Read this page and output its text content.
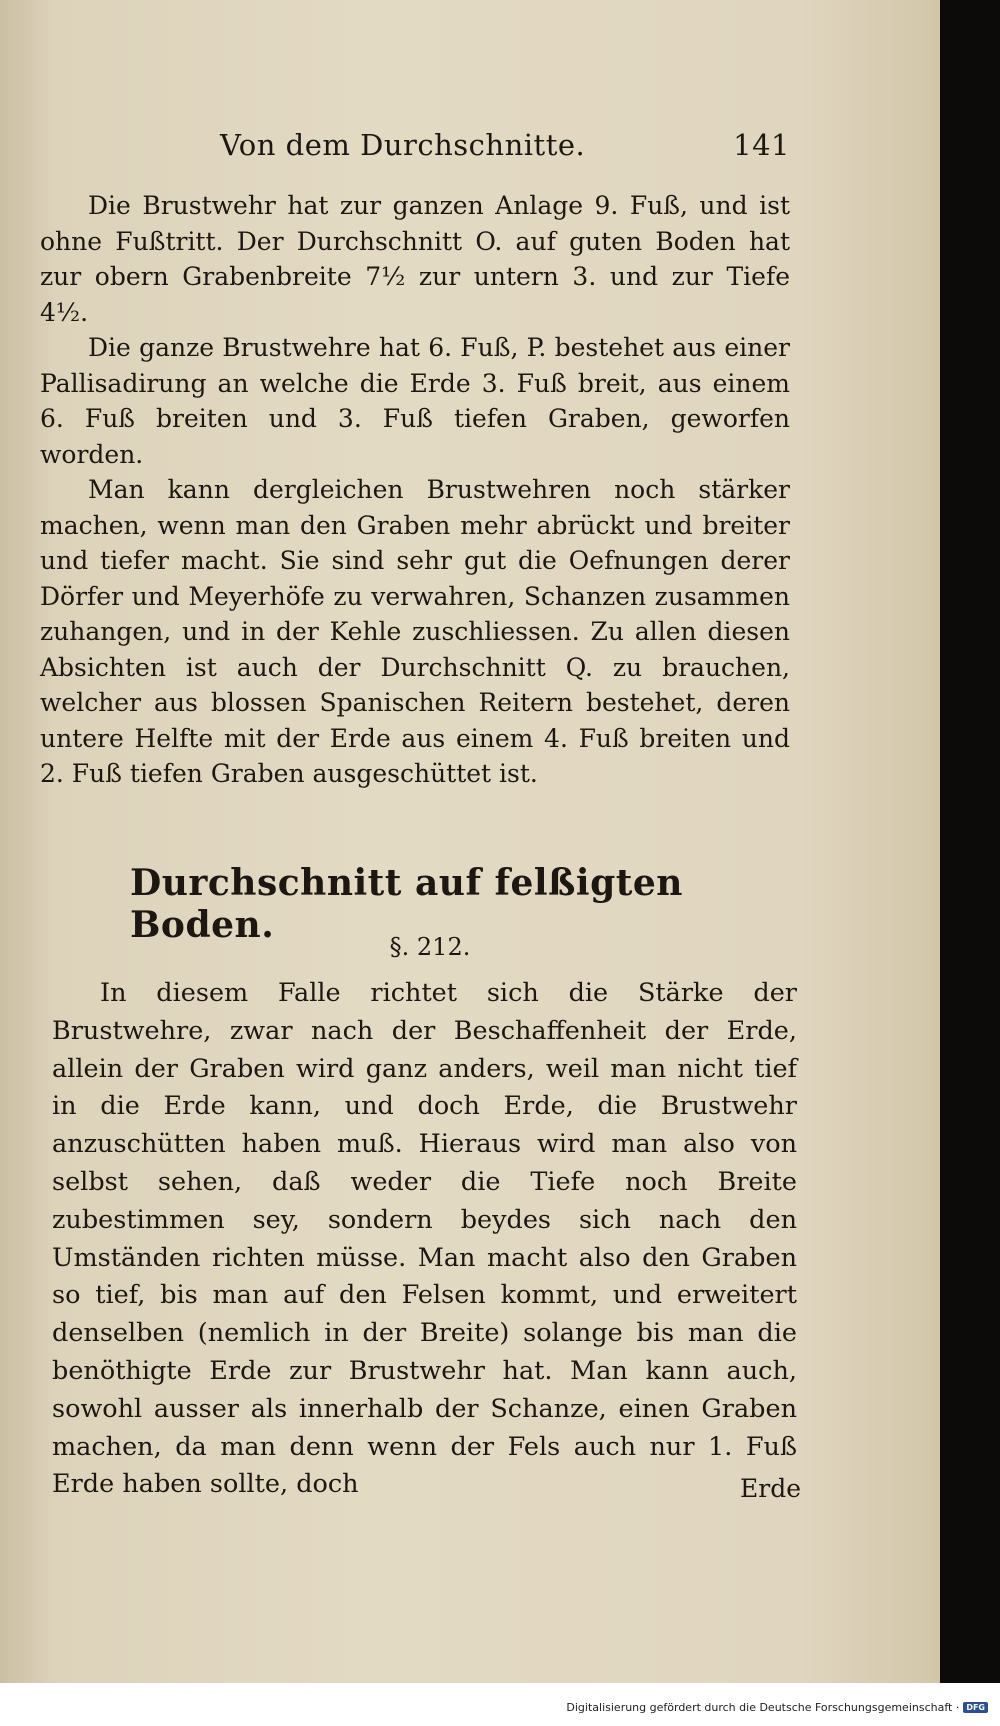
Von dem Durchschnitte.	141

Die Brustwehr hat zur ganzen Anlage 9. Fuß, und ist ohne Fußtritt. Der Durchschnitt O. auf guten Boden hat zur obern Grabenbreite 7½ zur untern 3. und zur Tiefe 4½.

Die ganze Brustwehre hat 6. Fuß, P. bestehet aus einer Pallisadirung an welche die Erde 3. Fuß breit, aus einem 6. Fuß breiten und 3. Fuß tiefen Graben, geworfen worden.

Man kann dergleichen Brustwehren noch stärker machen, wenn man den Graben mehr abrückt und breiter und tiefer macht. Sie sind sehr gut die Oefnungen derer Dörfer und Meyerhöfe zu verwahren, Schanzen zusammen zuhangen, und in der Kehle zuschliessen. Zu allen diesen Absichten ist auch der Durchschnitt Q. zu brauchen, welcher aus blossen Spanischen Reitern bestehet, deren untere Helfte mit der Erde aus einem 4. Fuß breiten und 2. Fuß tiefen Graben ausgeschüttet ist.

Durchschnitt auf felßigten Boden.
§. 212.

In diesem Falle richtet sich die Stärke der Brustwehre, zwar nach der Beschaffenheit der Erde, allein der Graben wird ganz anders, weil man nicht tief in die Erde kann, und doch Erde, die Brustwehr anzuschütten haben muß. Hieraus wird man also von selbst sehen, daß weder die Tiefe noch Breite zubestimmen sey, sondern beydes sich nach den Umständen richten müsse. Man macht also den Graben so tief, bis man auf den Felsen kommt, und erweitert denselben (nemlich in der Breite) solange bis man die benöthigte Erde zur Brustwehr hat. Man kann auch, sowohl ausser als innerhalb der Schanze, einen Graben machen, da man denn wenn der Fels auch nur 1. Fuß Erde haben sollte, doch	Erde
Digitalisierung gefördert durch die Deutsche Forschungsgemeinschaft · DFG
